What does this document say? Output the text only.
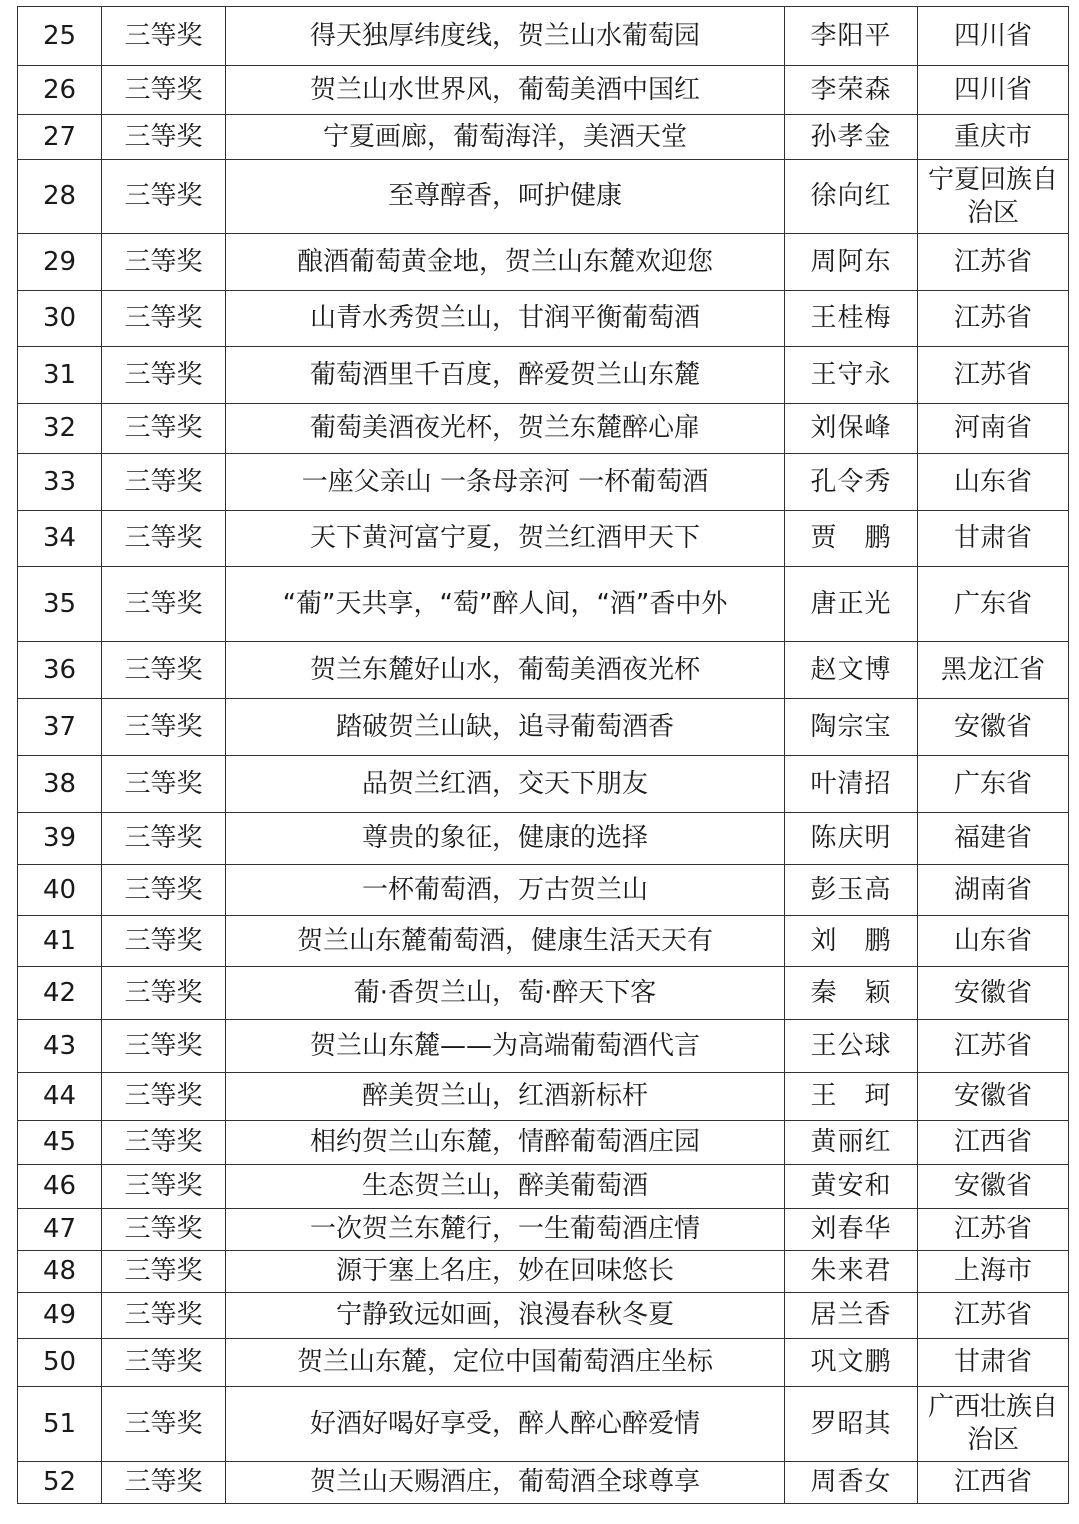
25	三等奖	得天独厚纬度线，贺兰山水葡萄园	李阳平	四川省
26	三等奖	贺兰山水世界风，葡萄美酒中国红	李荣森	四川省
27	三等奖	宁夏画廊，葡萄海洋，美酒天堂	孙孝金	重庆市
28	三等奖	至尊醇香，呵护健康	徐向红	宁夏回族自治区
29	三等奖	酿酒葡萄黄金地，贺兰山东麓欢迎您	周阿东	江苏省
30	三等奖	山青水秀贺兰山，甘润平衡葡萄酒	王桂梅	江苏省
31	三等奖	葡萄酒里千百度，醉爱贺兰山东麓	王守永	江苏省
32	三等奖	葡萄美酒夜光杯，贺兰东麓醉心扉	刘保峰	河南省
33	三等奖	一座父亲山 一条母亲河 一杯葡萄酒	孔令秀	山东省
34	三等奖	天下黄河富宁夏，贺兰红酒甲天下	贾　鹏	甘肃省
35	三等奖	“葡”天共享，“萄”醉人间，“酒”香中外	唐正光	广东省
36	三等奖	贺兰东麓好山水，葡萄美酒夜光杯	赵文博	黑龙江省
37	三等奖	踏破贺兰山缺，追寻葡萄酒香	陶宗宝	安徽省
38	三等奖	品贺兰红酒，交天下朋友	叶清招	广东省
39	三等奖	尊贵的象征，健康的选择	陈庆明	福建省
40	三等奖	一杯葡萄酒，万古贺兰山	彭玉高	湖南省
41	三等奖	贺兰山东麓葡萄酒，健康生活天天有	刘　鹏	山东省
42	三等奖	葡·香贺兰山，萄·醉天下客	秦　颖	安徽省
43	三等奖	贺兰山东麓——为高端葡萄酒代言	王公球	江苏省
44	三等奖	醉美贺兰山，红酒新标杆	王　珂	安徽省
45	三等奖	相约贺兰山东麓，情醉葡萄酒庄园	黄丽红	江西省
46	三等奖	生态贺兰山，醉美葡萄酒	黄安和	安徽省
47	三等奖	一次贺兰东麓行，一生葡萄酒庄情	刘春华	江苏省
48	三等奖	源于塞上名庄，妙在回味悠长	朱来君	上海市
49	三等奖	宁静致远如画，浪漫春秋冬夏	居兰香	江苏省
50	三等奖	贺兰山东麓，定位中国葡萄酒庄坐标	巩文鹏	甘肃省
51	三等奖	好酒好喝好享受，醉人醉心醉爱情	罗昭其	广西壮族自治区
52	三等奖	贺兰山天赐酒庄，葡萄酒全球尊享	周香女	江西省
